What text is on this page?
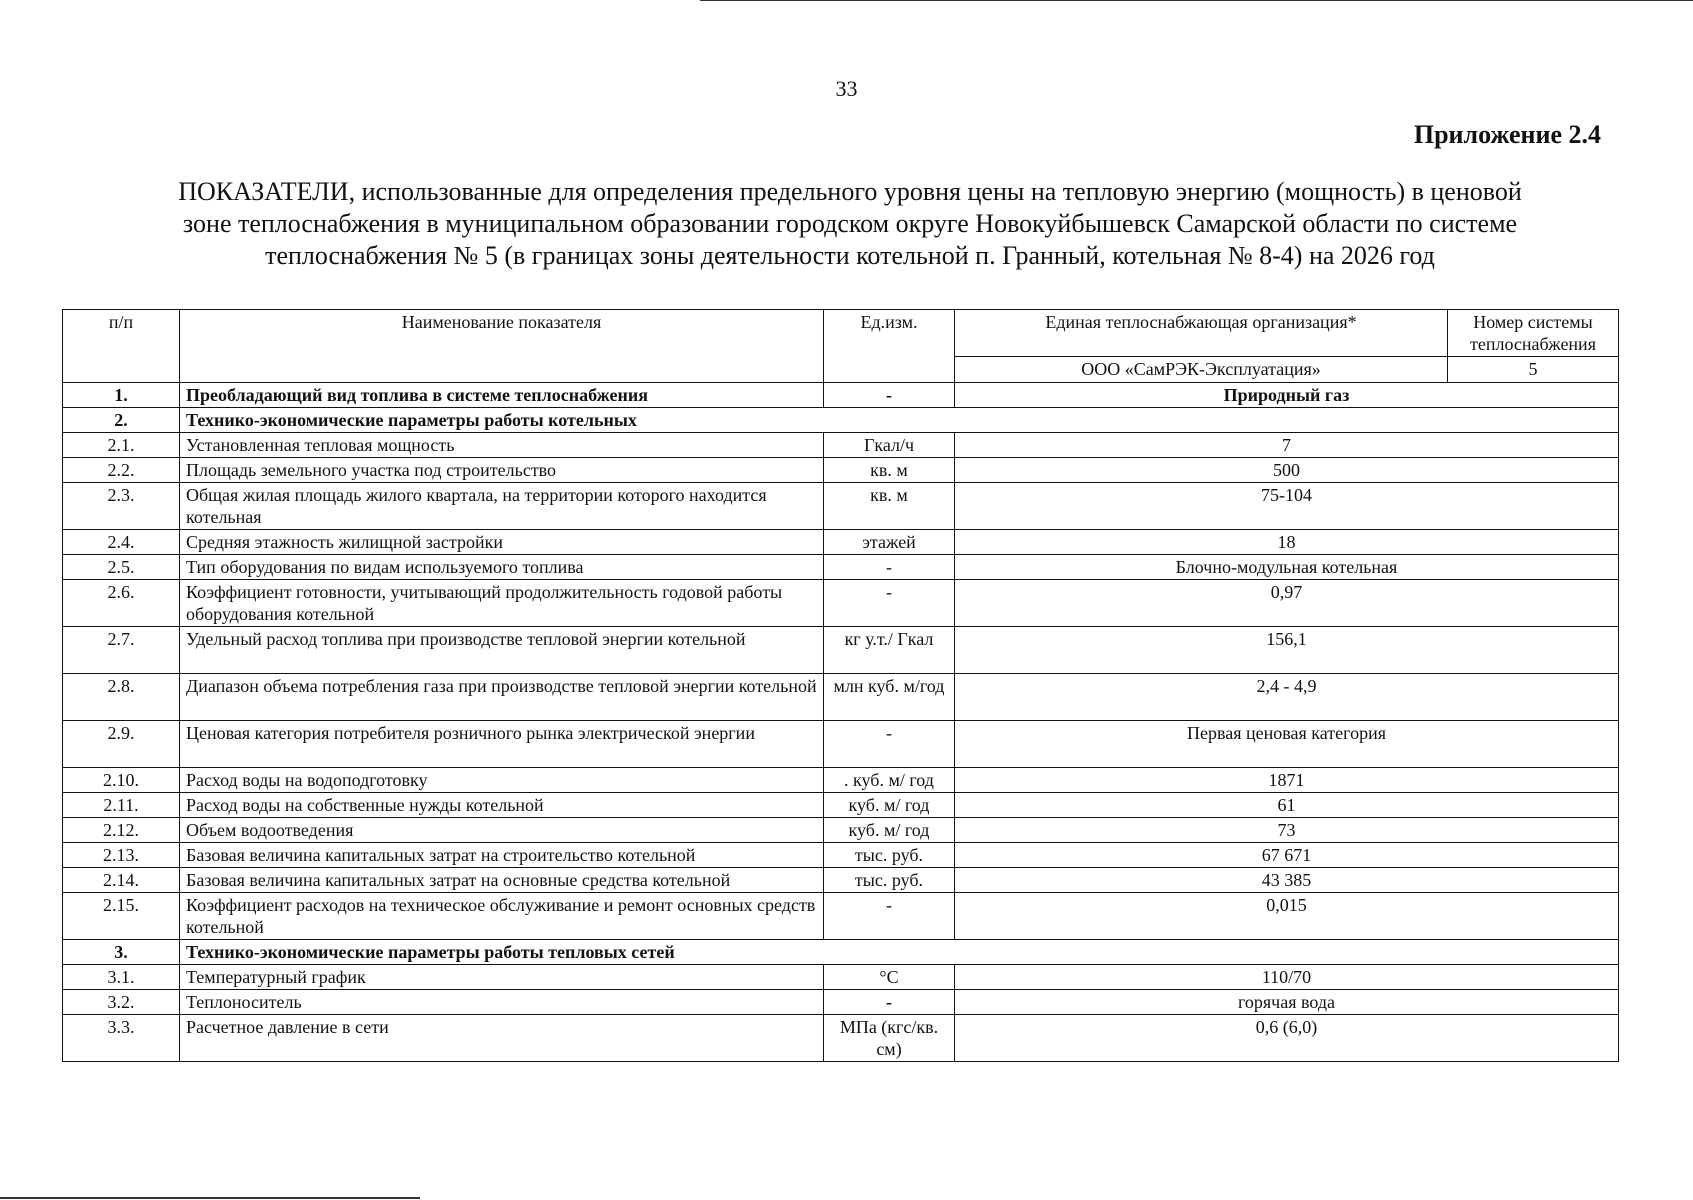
33
Приложение 2.4
ПОКАЗАТЕЛИ, использованные для определения предельного уровня цены на тепловую энергию (мощность) в ценовой
зоне теплоснабжения в муниципальном образовании городском округе Новокуйбышевск Самарской области по системе
теплоснабжения № 5 (в границах зоны деятельности котельной п. Гранный, котельная № 8-4) на 2026 год
п/п	Наименование показателя	Ед.изм.	Единая теплоснабжающая организация*	Номер системы теплоснабжения
			ООО «СамРЭК-Эксплуатация»	5
1.	Преобладающий вид топлива в системе теплоснабжения	-	Природный газ	
2.	Технико-экономические параметры работы котельных			
2.1.	Установленная тепловая мощность	Гкал/ч	7	
2.2.	Площадь земельного участка под строительство	кв. м	500	
2.3.	Общая жилая площадь жилого квартала, на территории которого находится котельная	кв. м	75-104	
2.4.	Средняя этажность жилищной застройки	этажей	18	
2.5.	Тип оборудования по видам используемого топлива	-	Блочно-модульная котельная	
2.6.	Коэффициент готовности, учитывающий продолжительность годовой работы оборудования котельной	-	0,97	
2.7.	Удельный расход топлива при производстве тепловой энергии котельной	кг у.т./ Гкал	156,1	
2.8.	Диапазон объема потребления газа при производстве тепловой энергии котельной	млн куб. м/год	2,4 - 4,9	
2.9.	Ценовая категория потребителя розничного рынка электрической энергии	-	Первая ценовая категория	
2.10.	Расход воды на водоподготовку	. куб. м/ год	1871	
2.11.	Расход воды на собственные нужды котельной	куб. м/ год	61	
2.12.	Объем водоотведения	куб. м/ год	73	
2.13.	Базовая величина капитальных затрат на строительство котельной	тыс. руб.	67 671	
2.14.	Базовая величина капитальных затрат на основные средства котельной	тыс. руб.	43 385	
2.15.	Коэффициент расходов на техническое обслуживание и ремонт основных средств котельной	-	0,015	
3.	Технико-экономические параметры работы тепловых сетей			
3.1.	Температурный график	°С	110/70	
3.2.	Теплоноситель	-	горячая вода	
3.3.	Расчетное давление в сети	МПа (кгс/кв. см)	0,6 (6,0)	
